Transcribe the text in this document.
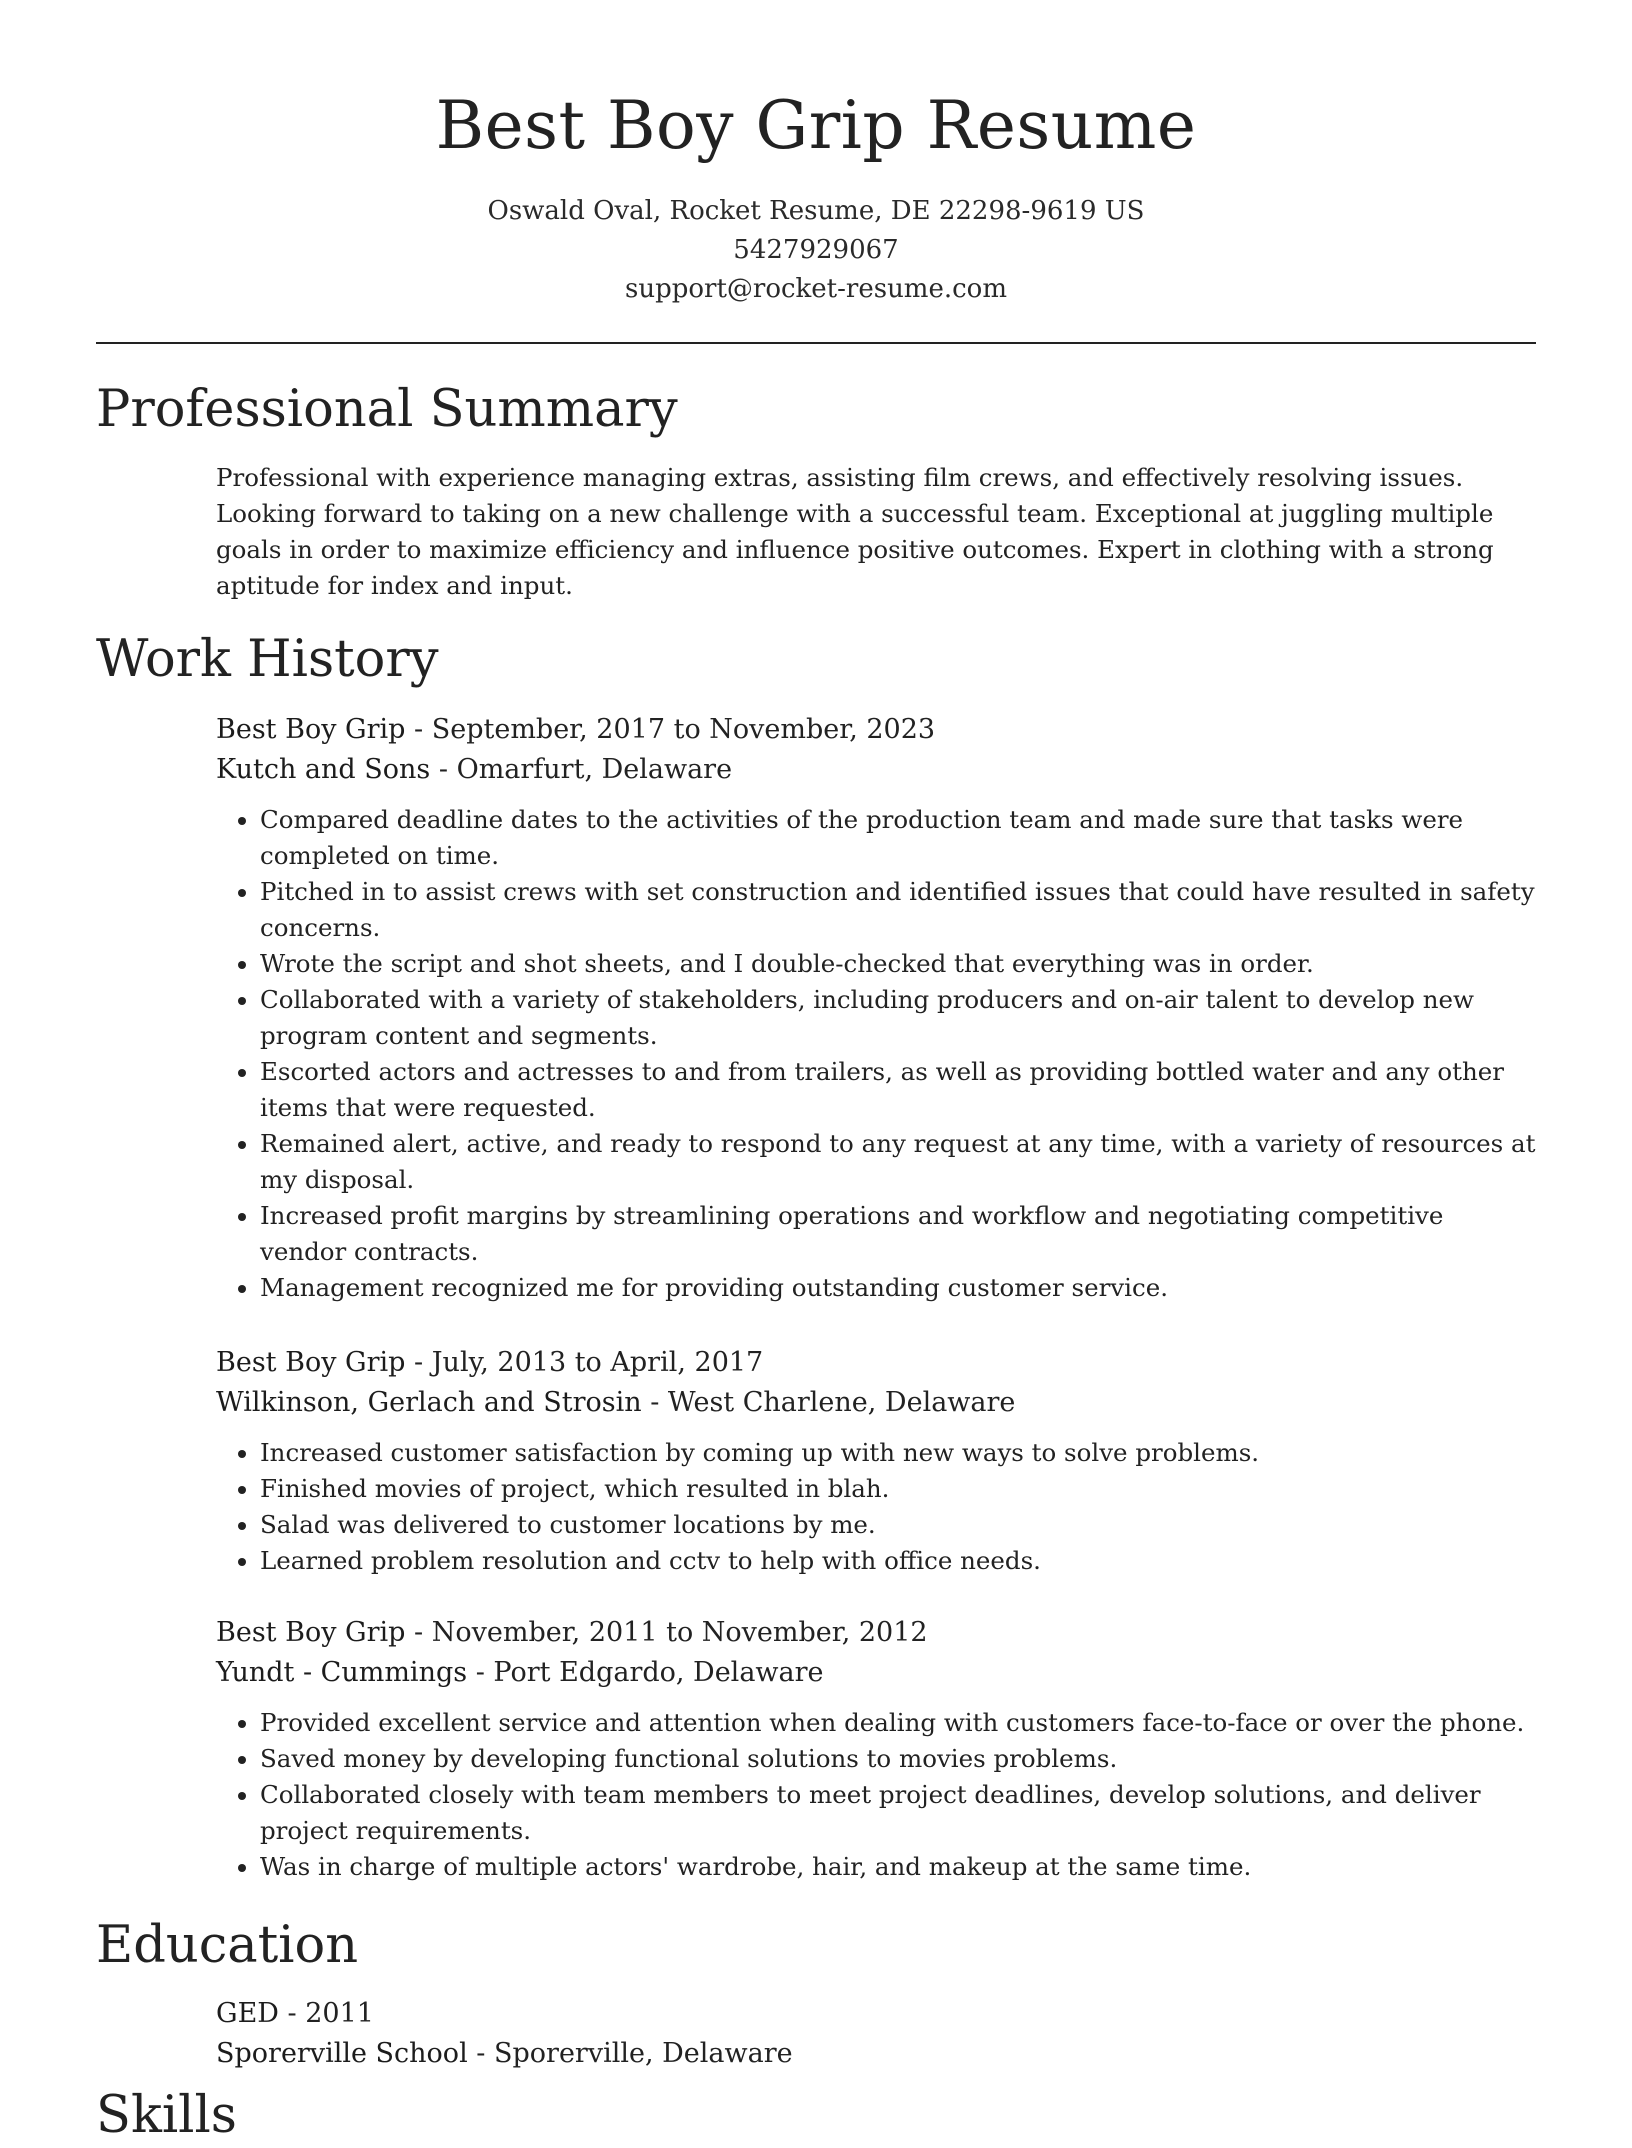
Best Boy Grip Resume
Oswald Oval, Rocket Resume, DE 22298-9619 US
5427929067
support@rocket-resume.com
Professional Summary

Professional with experience managing extras, assisting film crews, and effectively resolving issues. Looking forward to taking on a new challenge with a successful team. Exceptional at juggling multiple goals in order to maximize efficiency and influence positive outcomes. Expert in clothing with a strong aptitude for index and input.

Work History
Best Boy Grip - September, 2017 to November, 2023
Kutch and Sons - Omarfurt, Delaware
• Compared deadline dates to the activities of the production team and made sure that tasks were completed on time.
• Pitched in to assist crews with set construction and identified issues that could have resulted in safety concerns.
• Wrote the script and shot sheets, and I double-checked that everything was in order.
• Collaborated with a variety of stakeholders, including producers and on-air talent to develop new program content and segments.
• Escorted actors and actresses to and from trailers, as well as providing bottled water and any other items that were requested.
• Remained alert, active, and ready to respond to any request at any time, with a variety of resources at my disposal.
• Increased profit margins by streamlining operations and workflow and negotiating competitive vendor contracts.
• Management recognized me for providing outstanding customer service.
Best Boy Grip - July, 2013 to April, 2017
Wilkinson, Gerlach and Strosin - West Charlene, Delaware
• Increased customer satisfaction by coming up with new ways to solve problems.
• Finished movies of project, which resulted in blah.
• Salad was delivered to customer locations by me.
• Learned problem resolution and cctv to help with office needs.
Best Boy Grip - November, 2011 to November, 2012
Yundt - Cummings - Port Edgardo, Delaware
• Provided excellent service and attention when dealing with customers face-to-face or over the phone.
• Saved money by developing functional solutions to movies problems.
• Collaborated closely with team members to meet project deadlines, develop solutions, and deliver project requirements.
• Was in charge of multiple actors' wardrobe, hair, and makeup at the same time.
Education
GED - 2011
Sporerville School - Sporerville, Delaware
Skills
